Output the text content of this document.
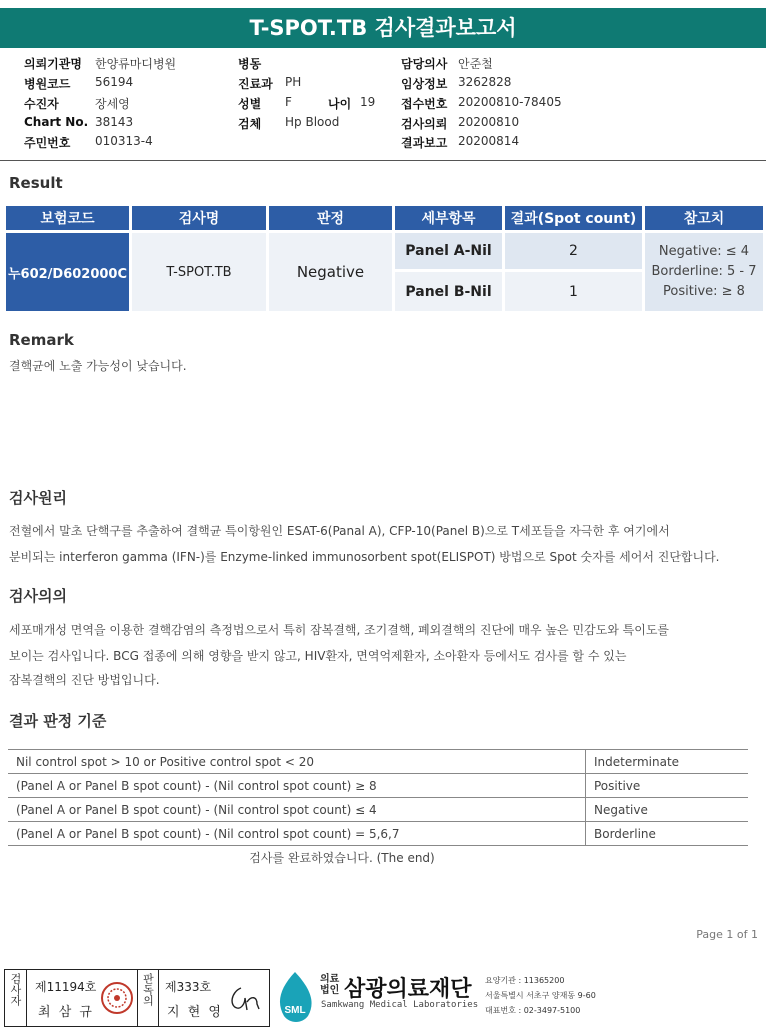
T-SPOT.TB 검사결과보고서
의뢰기관명 한양류마디병원
병원코드 56194
수진자	장세영
Chart No. 38143
주민번호 010313-4
병동
진료과 PH
성별 F	나이 19
검체 Hp Blood
담당의사 안준철
임상정보 3262828
접수번호 20200810-78405
검사의뢰 20200810
결과보고 20200814
Result
보험코드	검사명	판정	세부항목	결과(Spot count)	참고치
누602/D602000C	T-SPOT.TB	Negative	Panel A-Nil	2	Negative: ≤ 4
Borderline: 5 - 7
Positive: ≥ 8

			Panel B-Nil	1	
Remark
결핵균에 노출 가능성이 낮습니다.
검사원리
전혈에서 말초 단핵구를 추출하여 결핵균 특이항원인 ESAT-6(Panal A), CFP-10(Panel B)으로 T세포들을 자극한 후 여기에서
분비되는 interferon gamma (IFN-)를 Enzyme-linked immunosorbent spot(ELISPOT) 방법으로 Spot 숫자를 세어서 진단합니다.
검사의의
세포매개성 면역을 이용한 결핵감염의 측정법으로서 특히 잠복결핵, 조기결핵, 폐외결핵의 진단에 매우 높은 민감도와 특이도를
보이는 검사입니다. BCG 접종에 의해 영향을 받지 않고, HIV환자, 면역억제환자, 소아환자 등에서도 검사를 할 수 있는
잠복결핵의 진단 방법입니다.
결과 판정 기준
Nil control spot > 10 or Positive control spot < 20	Indeterminate
(Panel A or Panel B spot count) - (Nil control spot count) ≥ 8	Positive
(Panel A or Panel B spot count) - (Nil control spot count) ≤ 4	Negative
(Panel A or Panel B spot count) - (Nil control spot count) = 5,6,7	Borderline
검사를 완료하였습니다. (The end)
Page 1 of 1
검사자	제11194호
최 삼 규
판독의 제333호
지 현 영	SML
의료 법인 삼광의료재단
Samkwang Medical Laboratories
요양기관 : 11365200
서울특별시 서초구 양재동 9-60
대표번호 : 02-3497-5100
